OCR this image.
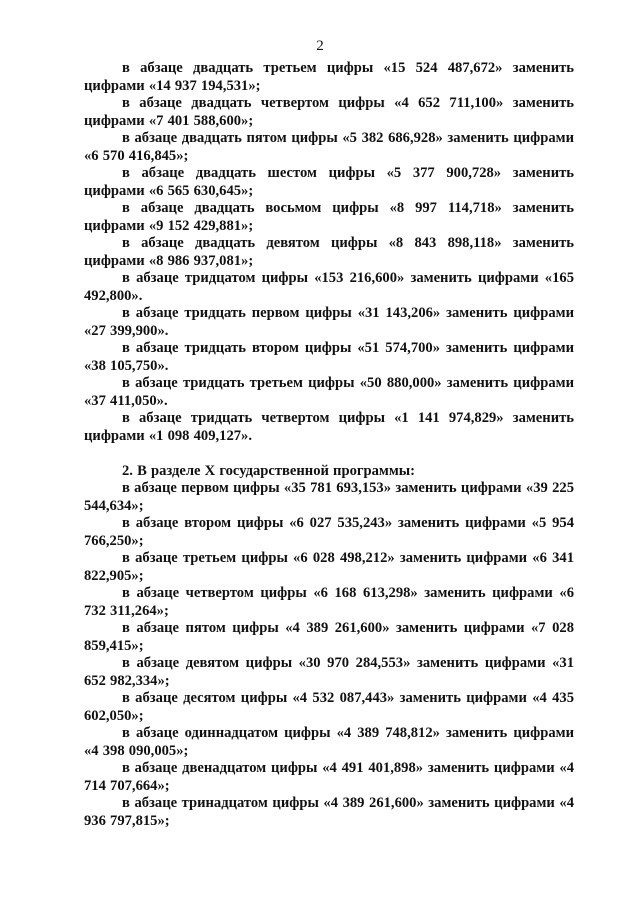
2

в абзаце двадцать третьем цифры «15 524 487,672» заменить цифрами «14 937 194,531»;

в абзаце двадцать четвертом цифры «4 652 711,100» заменить цифрами «7 401 588,600»;

в абзаце двадцать пятом цифры «5 382 686,928» заменить цифрами «6 570 416,845»;

в абзаце двадцать шестом цифры «5 377 900,728» заменить цифрами «6 565 630,645»;

в абзаце двадцать восьмом цифры «8 997 114,718» заменить цифрами «9 152 429,881»;

в абзаце двадцать девятом цифры «8 843 898,118» заменить цифрами «8 986 937,081»;

в абзаце тридцатом цифры «153 216,600» заменить цифрами «165 492,800».

в абзаце тридцать первом цифры «31 143,206» заменить цифрами «27 399,900».

в абзаце тридцать втором цифры «51 574,700» заменить цифрами «38 105,750».

в абзаце тридцать третьем цифры «50 880,000» заменить цифрами «37 411,050».

в абзаце тридцать четвертом цифры «1 141 974,829» заменить цифрами «1 098 409,127».

2. В разделе X государственной программы:

в абзаце первом цифры «35 781 693,153» заменить цифрами «39 225 544,634»;

в абзаце втором цифры «6 027 535,243» заменить цифрами «5 954 766,250»;

в абзаце третьем цифры «6 028 498,212» заменить цифрами «6 341 822,905»;

в абзаце четвертом цифры «6 168 613,298» заменить цифрами «6 732 311,264»;

в абзаце пятом цифры «4 389 261,600» заменить цифрами «7 028 859,415»;

в абзаце девятом цифры «30 970 284,553» заменить цифрами «31 652 982,334»;

в абзаце десятом цифры «4 532 087,443» заменить цифрами «4 435 602,050»;

в абзаце одиннадцатом цифры «4 389 748,812» заменить цифрами «4 398 090,005»;

в абзаце двенадцатом цифры «4 491 401,898» заменить цифрами «4 714 707,664»;

в абзаце тринадцатом цифры «4 389 261,600» заменить цифрами «4 936 797,815»;
